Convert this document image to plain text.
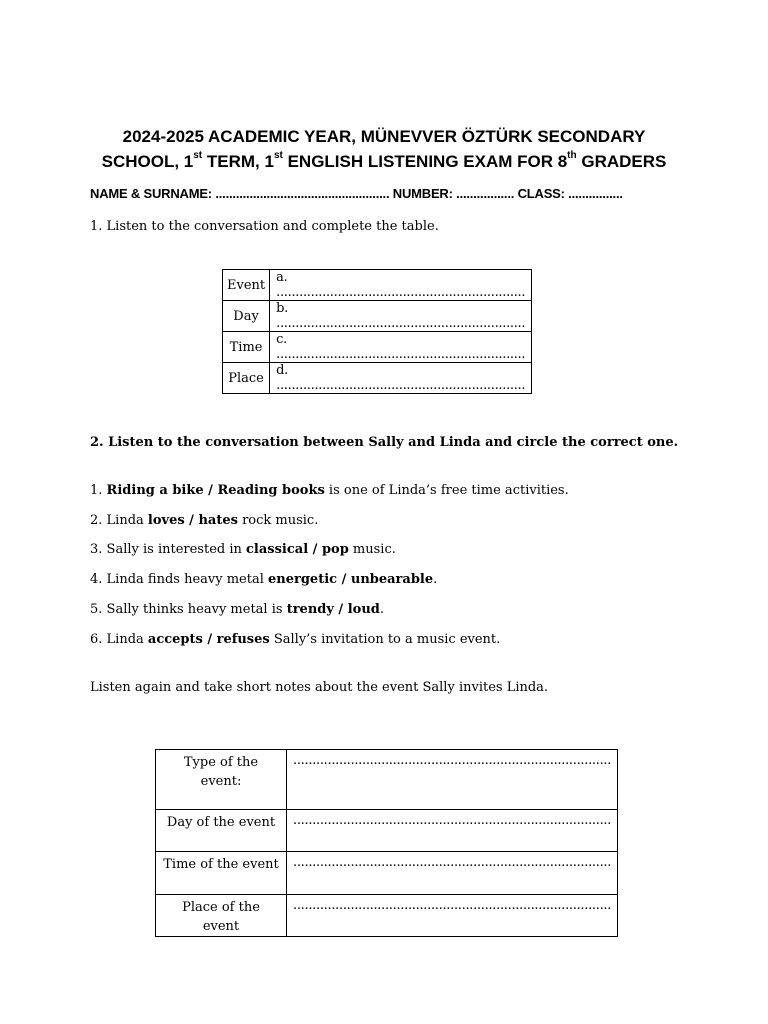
2024-2025 ACADEMIC YEAR, MÜNEVVER ÖZTÜRK SECONDARY
SCHOOL, 1st TERM, 1st ENGLISH LISTENING EXAM FOR 8th GRADERS
NAME & SURNAME: ................................................... NUMBER: ................. CLASS: ................
1. Listen to the conversation and complete the table.
Event	a. .................................................................
Day	b. .................................................................
Time	c. .................................................................
Place	d. .................................................................
2. Listen to the conversation between Sally and Linda and circle the correct one.
1. Riding a bike / Reading books is one of Linda’s free time activities.
2. Linda loves / hates rock music.
3. Sally is interested in classical / pop music.
4. Linda finds heavy metal energetic / unbearable.
5. Sally thinks heavy metal is trendy / loud.
6. Linda accepts / refuses Sally’s invitation to a music event.
Listen again and take short notes about the event Sally invites Linda.
Type of the event:	...................................................................................
Day of the event	...................................................................................
Time of the event	...................................................................................
Place of the event	...................................................................................
